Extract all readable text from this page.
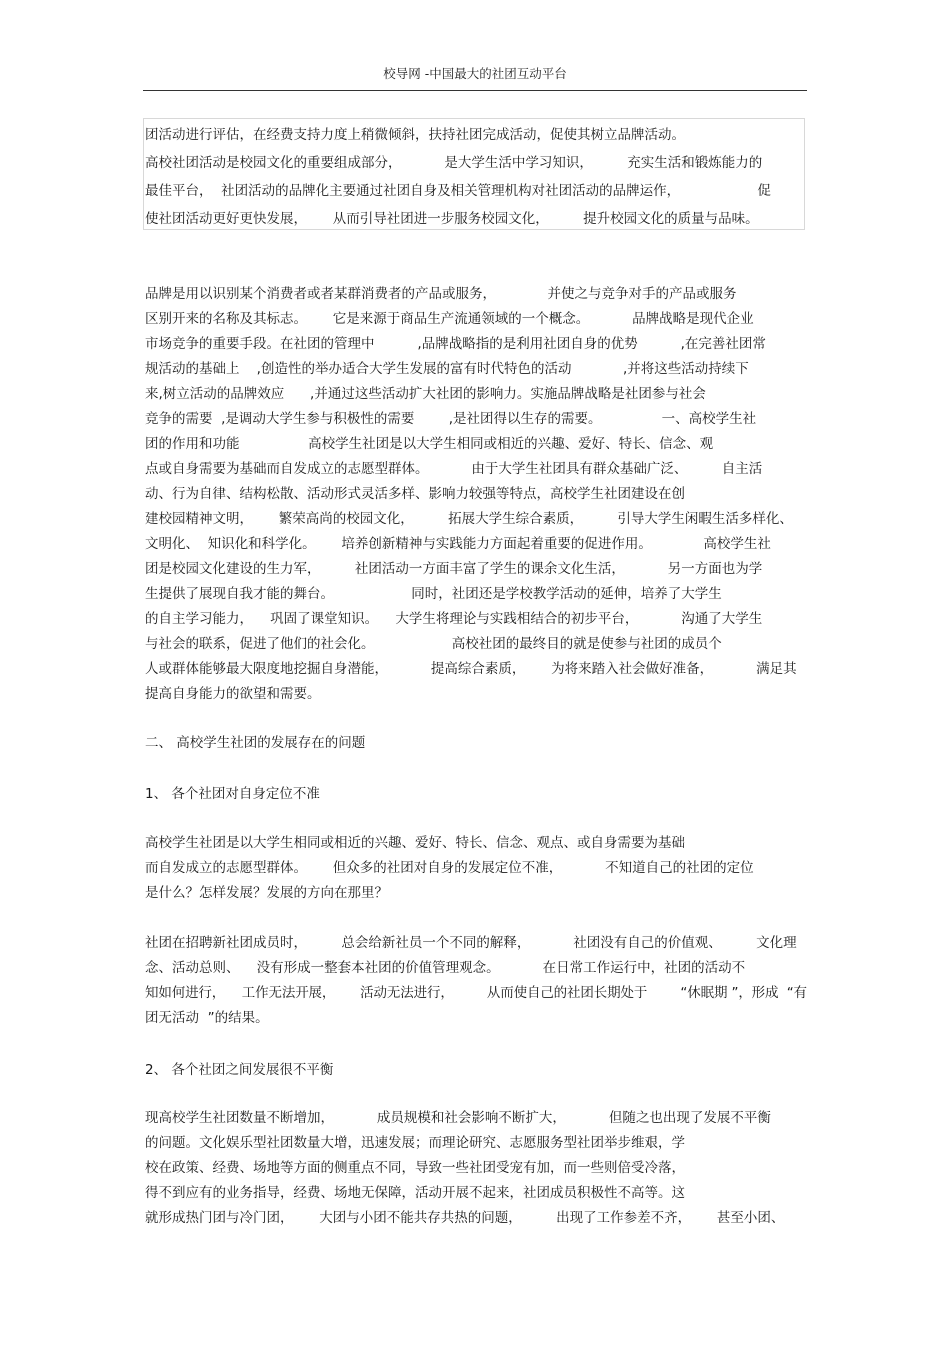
校导网 -中国最大的社团互动平台
团活动进行评估，在经费支持力度上稍微倾斜，扶持社团完成活动，促使其树立品牌活动。
高校社团活动是校园文化的重要组成部分，          是大学生活中学习知识，        充实生活和锻炼能力的
最佳平台，  社团活动的品牌化主要通过社团自身及相关管理机构对社团活动的品牌运作，                  促
使社团活动更好更快发展，      从而引导社团进一步服务校园文化，        提升校园文化的质量与品味。
品牌是用以识别某个消费者或者某群消费者的产品或服务，            并使之与竞争对手的产品或服务
区别开来的名称及其标志。      它是来源于商品生产流通领域的一个概念。          品牌战略是现代企业
市场竞争的重要手段。在社团的管理中          ,品牌战略指的是利用社团自身的优势          ,在完善社团常
规活动的基础上    ,创造性的举办适合大学生发展的富有时代特色的活动            ,并将这些活动持续下
来,树立活动的品牌效应      ,并通过这些活动扩大社团的影响力。实施品牌战略是社团参与社会
竞争的需要  ,是调动大学生参与积极性的需要        ,是社团得以生存的需要。              一、高校学生社
团的作用和功能                高校学生社团是以大学生相同或相近的兴趣、爱好、特长、信念、观
点或自身需要为基础而自发成立的志愿型群体。          由于大学生社团具有群众基础广泛、        自主活
动、行为自律、结构松散、活动形式灵活多样、影响力较强等特点，高校学生社团建设在创
建校园精神文明，      繁荣高尚的校园文化，        拓展大学生综合素质，        引导大学生闲暇生活多样化、
文明化、  知识化和科学化。      培养创新精神与实践能力方面起着重要的促进作用。            高校学生社
团是校园文化建设的生力军，        社团活动一方面丰富了学生的课余文化生活，          另一方面也为学
生提供了展现自我才能的舞台。                  同时，社团还是学校教学活动的延伸，培养了大学生
的自主学习能力，    巩固了课堂知识。    大学生将理论与实践相结合的初步平台，          沟通了大学生
与社会的联系，促进了他们的社会化。                  高校社团的最终目的就是使参与社团的成员个
人或群体能够最大限度地挖掘自身潜能，          提高综合素质，      为将来踏入社会做好准备，          满足其
提高自身能力的欲望和需要。
二、 高校学生社团的发展存在的问题
1、 各个社团对自身定位不准
高校学生社团是以大学生相同或相近的兴趣、爱好、特长、信念、观点、或自身需要为基础
而自发成立的志愿型群体。      但众多的社团对自身的发展定位不准，          不知道自己的社团的定位
是什么？怎样发展？发展的方向在那里？
社团在招聘新社团成员时，        总会给新社员一个不同的解释，          社团没有自己的价值观、        文化理
念、活动总则、    没有形成一整套本社团的价值管理观念。          在日常工作运行中，社团的活动不
知如何进行，    工作无法开展，      活动无法进行，        从而使自己的社团长期处于        “休眠期 ”，形成  “有
团无活动  ”的结果。
2、 各个社团之间发展很不平衡
现高校学生社团数量不断增加，          成员规模和社会影响不断扩大，          但随之也出现了发展不平衡
的问题。文化娱乐型社团数量大增，迅速发展；而理论研究、志愿服务型社团举步维艰，学
校在政策、经费、场地等方面的侧重点不同，导致一些社团受宠有加，而一些则倍受冷落，
得不到应有的业务指导，经费、场地无保障，活动开展不起来，社团成员积极性不高等。这
就形成热门团与冷门团，      大团与小团不能共存共热的问题，        出现了工作参差不齐，      甚至小团、
